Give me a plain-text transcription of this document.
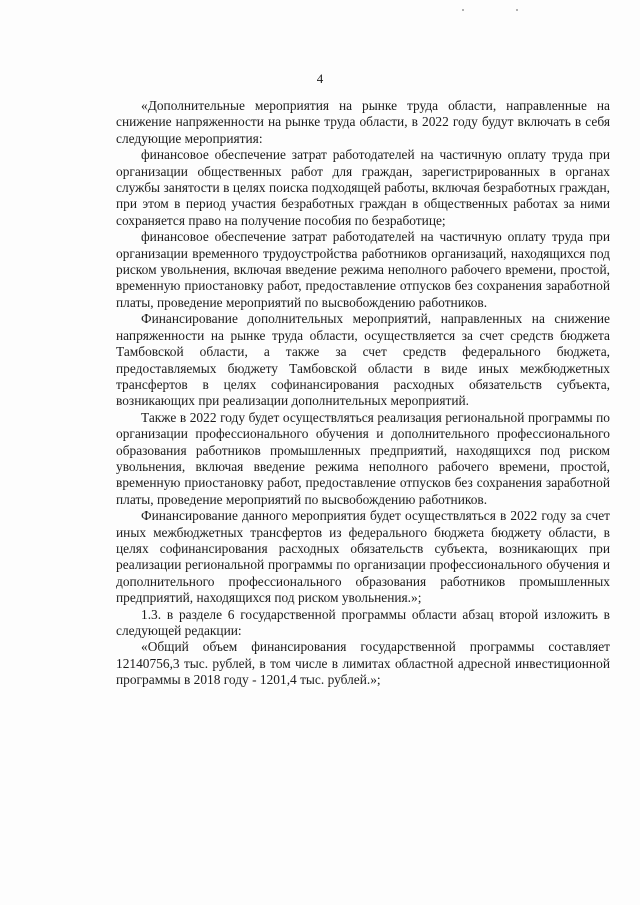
4

«Дополнительные мероприятия на рынке труда области, направленные на снижение напряженности на рынке труда области, в 2022 году будут включать в себя следующие мероприятия:

финансовое обеспечение затрат работодателей на частичную оплату труда при организации общественных работ для граждан, зарегистрированных в органах службы занятости в целях поиска подходящей работы, включая безработных граждан, при этом в период участия безработных граждан в общественных работах за ними сохраняется право на получение пособия по безработице;

финансовое обеспечение затрат работодателей на частичную оплату труда при организации временного трудоустройства работников организаций, находящихся под риском увольнения, включая введение режима неполного рабочего времени, простой, временную приостановку работ, предоставление отпусков без сохранения заработной платы, проведение мероприятий по высвобождению работников.

Финансирование дополнительных мероприятий, направленных на снижение напряженности на рынке труда области, осуществляется за счет средств бюджета Тамбовской области, а также за счет средств федерального бюджета, предоставляемых бюджету Тамбовской области в виде иных межбюджетных трансфертов в целях софинансирования расходных обязательств субъекта, возникающих при реализации дополнительных мероприятий.

Также в 2022 году будет осуществляться реализация региональной программы по организации профессионального обучения и дополнительного профессионального образования работников промышленных предприятий, находящихся под риском увольнения, включая введение режима неполного рабочего времени, простой, временную приостановку работ, предоставление отпусков без сохранения заработной платы, проведение мероприятий по высвобождению работников.

Финансирование данного мероприятия будет осуществляться в 2022 году за счет иных межбюджетных трансфертов из федерального бюджета бюджету области, в целях софинансирования расходных обязательств субъекта, возникающих при реализации региональной программы по организации профессионального обучения и дополнительного профессионального образования работников промышленных предприятий, находящихся под риском увольнения.»;

1.3. в разделе 6 государственной программы области абзац второй изложить в следующей редакции:

«Общий объем финансирования государственной программы составляет 12140756,3 тыс. рублей, в том числе в лимитах областной адресной инвестиционной программы в 2018 году - 1201,4 тыс. рублей.»;
